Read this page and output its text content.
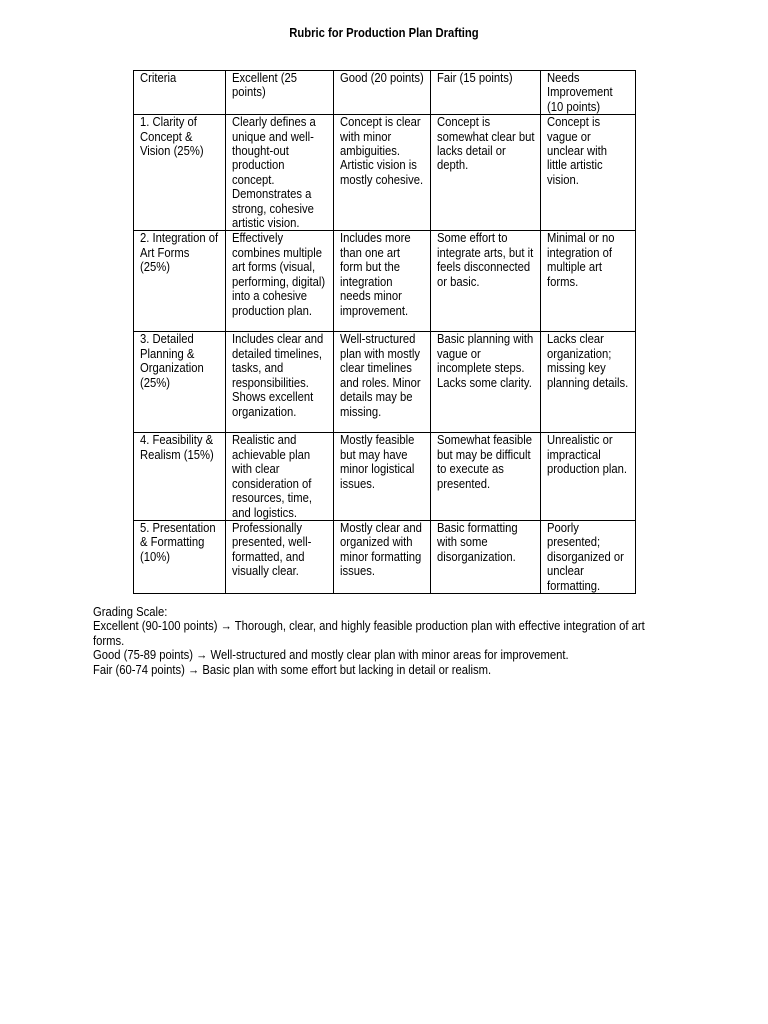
Rubric for Production Plan Drafting
Criteria	Excellent (25 points)	Good (20 points)	Fair (15 points)	Needs Improvement (10 points)
1. Clarity of Concept & Vision (25%)	Clearly defines a unique and well-thought-out production concept. Demonstrates a strong, cohesive artistic vision.	Concept is clear with minor ambiguities. Artistic vision is mostly cohesive.	Concept is somewhat clear but lacks detail or depth.	Concept is vague or unclear with little artistic vision.
2. Integration of Art Forms (25%)	Effectively combines multiple art forms (visual, performing, digital) into a cohesive production plan.	Includes more than one art form but the integration needs minor improvement.	Some effort to integrate arts, but it feels disconnected or basic.	Minimal or no integration of multiple art forms.
3. Detailed Planning & Organization (25%)	Includes clear and detailed timelines, tasks, and responsibilities. Shows excellent organization.	Well-structured plan with mostly clear timelines and roles. Minor details may be missing.	Basic planning with vague or incomplete steps. Lacks some clarity.	Lacks clear organization; missing key planning details.
4. Feasibility & Realism (15%)	Realistic and achievable plan with clear consideration of resources, time, and logistics.	Mostly feasible but may have minor logistical issues.	Somewhat feasible but may be difficult to execute as presented.	Unrealistic or impractical production plan.
5. Presentation & Formatting (10%)	Professionally presented, well-formatted, and visually clear.	Mostly clear and organized with minor formatting issues.	Basic formatting with some disorganization.	Poorly presented; disorganized or unclear formatting.
Grading Scale:
Excellent (90-100 points) → Thorough, clear, and highly feasible production plan with effective integration of art forms.
Good (75-89 points) → Well-structured and mostly clear plan with minor areas for improvement.
Fair (60-74 points) → Basic plan with some effort but lacking in detail or realism.
